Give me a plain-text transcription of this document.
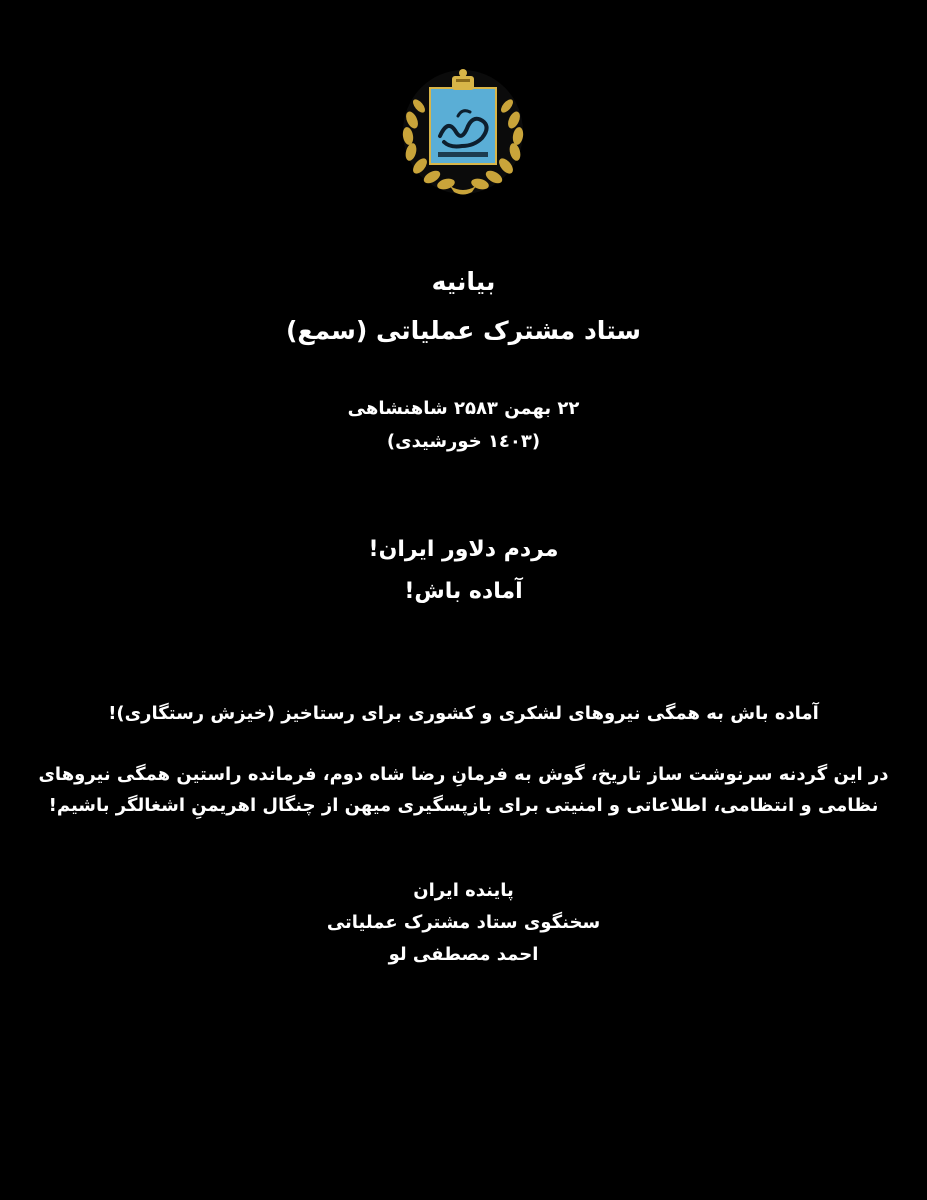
بیانیه
ستاد مشترک عملیاتی (سمع)
۲۲ بهمن ۲۵۸۳ شاهنشاهی
(۱٤۰۳ خورشیدی)
مردم دلاور ایران!
آماده باش!
آماده باش به همگی نیروهای لشکری و کشوری برای رستاخیز (خیزش رستگاری)!
در این گردنه سرنوشت ساز تاریخ، گوش به فرمانِ رضا شاه دوم، فرمانده راستین همگی نیروهای
نظامی و انتظامی، اطلاعاتی و امنیتی برای بازپسگیری میهن از چنگال اهریمنِ اشغالگر باشیم!
پاینده ایران
سخنگوی ستاد مشترک عملیاتی
احمد مصطفی لو
